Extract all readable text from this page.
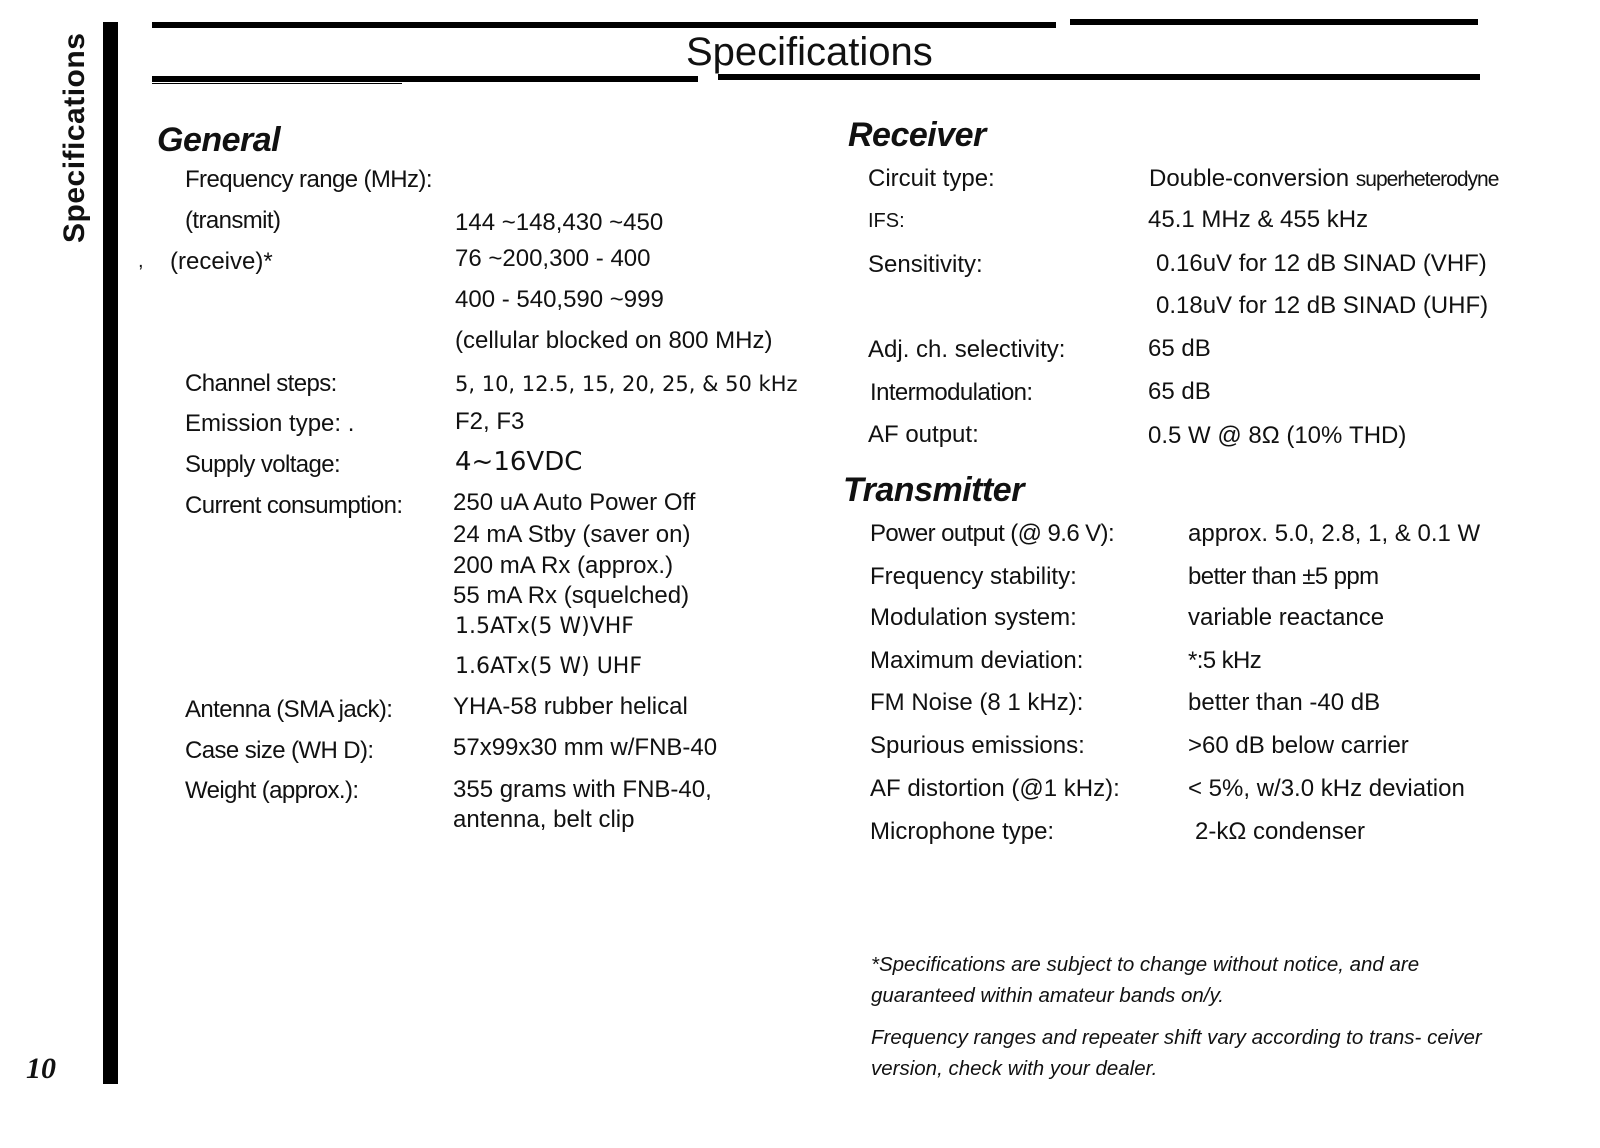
Specifications
10
Specifications
General
Frequency range (MHz):
(transmit)	144 ~148,430 ~450
, (receive)*	76 ~200,300 - 400
400 - 540,590 ~999
(cellular blocked on 800 MHz)
Channel steps:	5, 10, 12.5, 15, 20, 25, & 50 kHz
Emission type: .	F2, F3
Supply voltage:	4~16VDC
Current consumption: 250 uA Auto Power Off
24 mA Stby (saver on)
200 mA Rx (approx.)
55 mA Rx (squelched)
1.5ATx(5 W)VHF
1.6ATx(5 W) UHF
Antenna (SMA jack):	YHA-58 rubber helical
Case size (WH D):	57x99x30 mm w/FNB-40
Weight (approx.):	355 grams with FNB-40,
antenna, belt clip
Receiver
Circuit type:	Double-conversion superheterodyne
IFS:	45.1 MHz & 455 kHz
Sensitivity:	0.16uV for 12 dB SINAD (VHF)
0.18uV for 12 dB SINAD (UHF)
Adj. ch. selectivity:	65 dB
Intermodulation:	65 dB
AF output:	0.5 W @ 8Ω (10% THD)
Transmitter
Power output (@ 9.6 V):	approx. 5.0, 2.8, 1, & 0.1 W
Frequency stability:	better than ±5 ppm
Modulation system:	variable reactance
Maximum deviation:	*:5 kHz
FM Noise (8 1 kHz):	better than -40 dB
Spurious emissions:	>60 dB below carrier
AF distortion (@1 kHz):	< 5%, w/3.0 kHz deviation
Microphone type:	2-kΩ condenser
*Specifications are subject to change without notice, and are guaranteed within amateur bands on/y.
Frequency ranges and repeater shift vary according to trans- ceiver version, check with your dealer.
